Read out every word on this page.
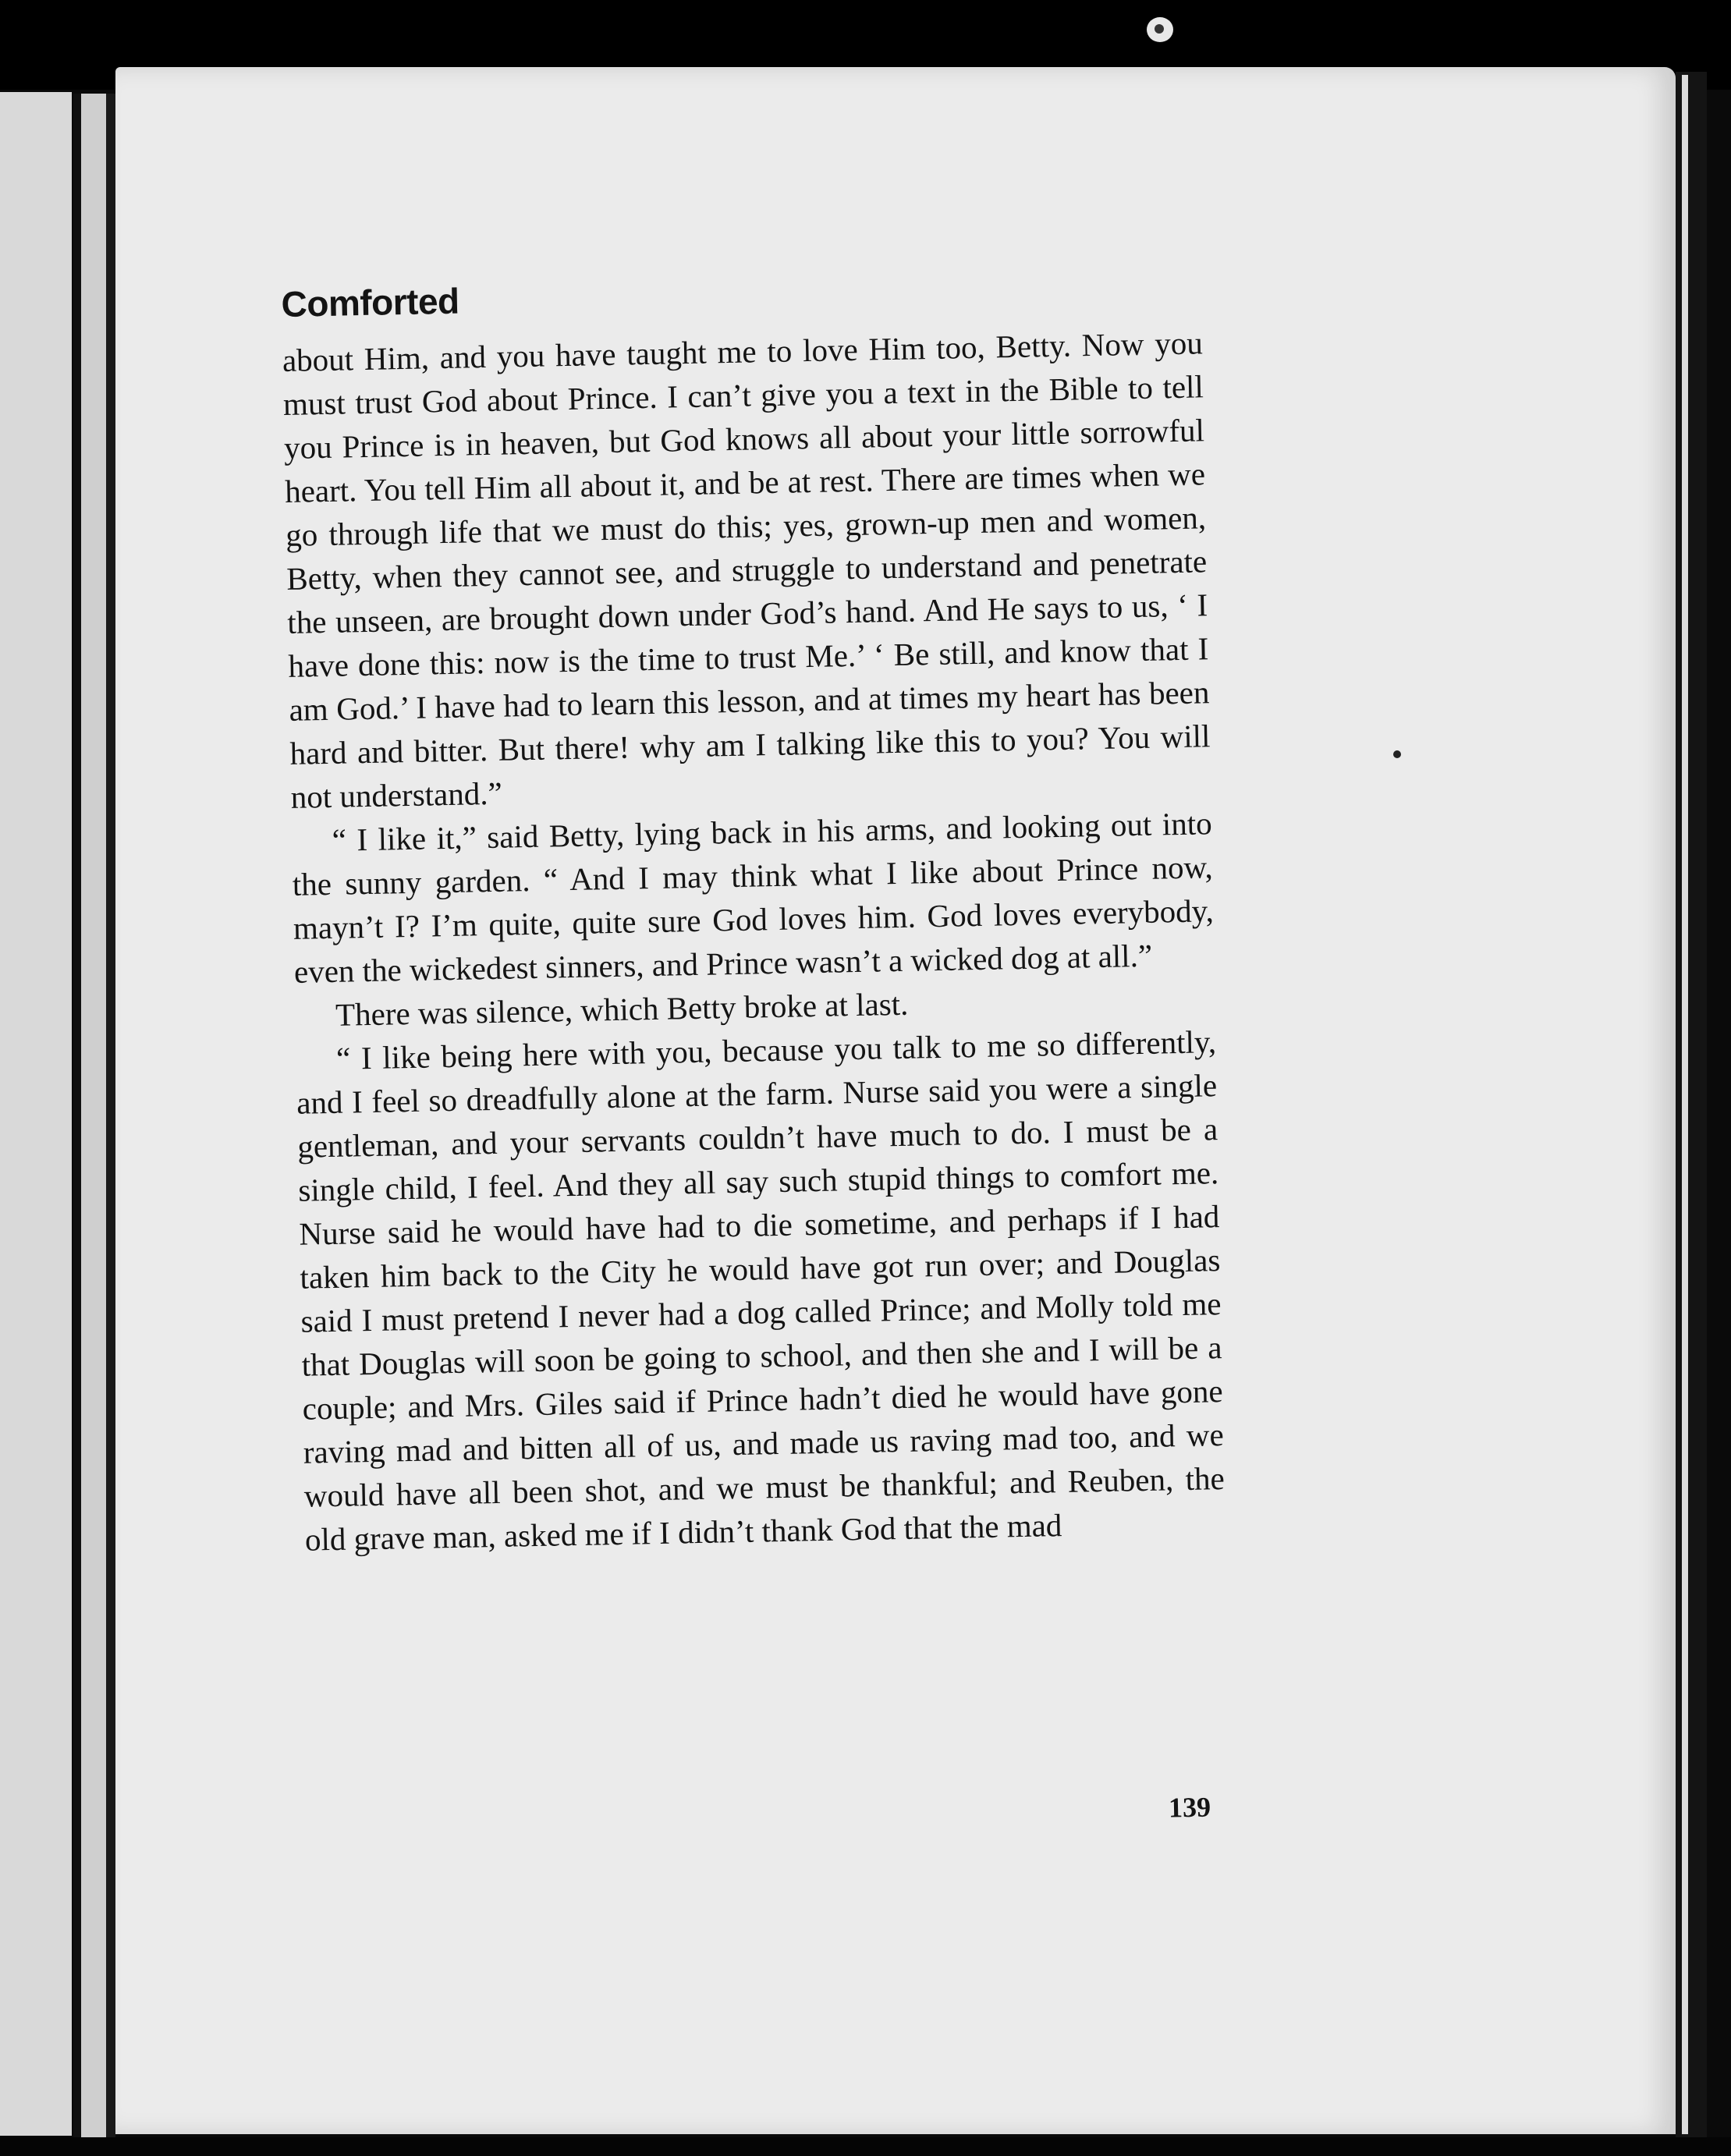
Comforted

about Him, and you have taught me to love Him too, Betty. Now you must trust God about Prince. I can’t give you a text in the Bible to tell you Prince is in heaven, but God knows all about your little sorrowful heart. You tell Him all about it, and be at rest. There are times when we go through life that we must do this; yes, grown-up men and women, Betty, when they cannot see, and struggle to understand and penetrate the unseen, are brought down under God’s hand. And He says to us, ‘ I have done this: now is the time to trust Me.’ ‘ Be still, and know that I am God.’ I have had to learn this lesson, and at times my heart has been hard and bitter. But there! why am I talking like this to you? You will not understand.”

“ I like it,” said Betty, lying back in his arms, and looking out into the sunny garden. “ And I may think what I like about Prince now, mayn’t I? I’m quite, quite sure God loves him. God loves everybody, even the wickedest sinners, and Prince wasn’t a wicked dog at all.”

There was silence, which Betty broke at last.

“ I like being here with you, because you talk to me so differently, and I feel so dreadfully alone at the farm. Nurse said you were a single gentleman, and your servants couldn’t have much to do. I must be a single child, I feel. And they all say such stupid things to comfort me. Nurse said he would have had to die sometime, and perhaps if I had taken him back to the City he would have got run over; and Douglas said I must pretend I never had a dog called Prince; and Molly told me that Douglas will soon be going to school, and then she and I will be a couple; and Mrs. Giles said if Prince hadn’t died he would have gone raving mad and bitten all of us, and made us raving mad too, and we would have all been shot, and we must be thankful; and Reuben, the old grave man, asked me if I didn’t thank God that the mad

139
